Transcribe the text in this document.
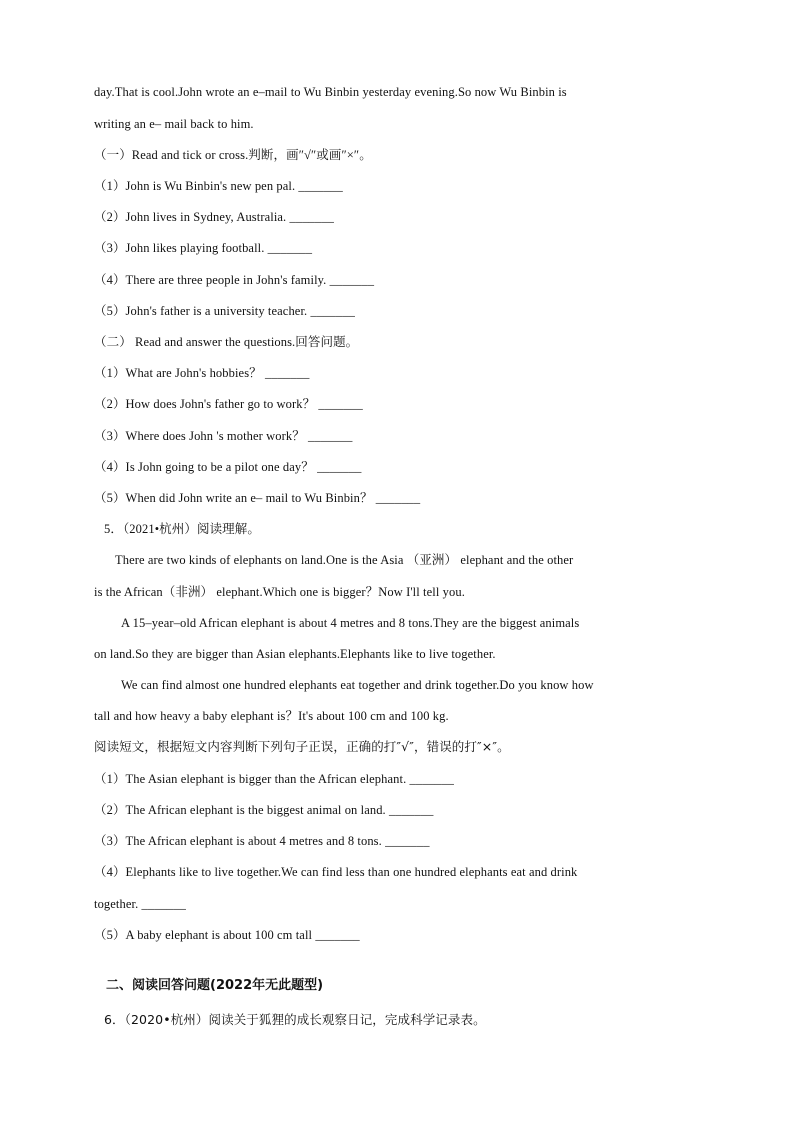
day.That is cool.John wrote an e–mail to Wu Binbin yesterday evening.So now Wu Binbin is
writing an e– mail back to him.
（一）Read and tick or cross.判断，画″√″或画″×″。
（1）John is Wu Binbin's new pen pal. _______
（2）John lives in Sydney, Australia. _______
（3）John likes playing football. _______
（4）There are three people in John's family. _______
（5）John's father is a university teacher. _______
（二） Read and answer the questions.回答问题。
（1）What are John's hobbies？ _______
（2）How does John's father go to work？ _______
（3）Where does John 's mother work？ _______
（4）Is John going to be a pilot one day？ _______
（5）When did John write an e– mail to Wu Binbin？ _______
5．（2021•杭州）阅读理解。
There are two kinds of elephants on land.One is the Asia （亚洲） elephant and the other
is the African（非洲） elephant.Which one is bigger？Now I'll tell you.
A 15–year–old African elephant is about 4 metres and 8 tons.They are the biggest animals
on land.So they are bigger than Asian elephants.Elephants like to live together.
We can find almost one hundred elephants eat together and drink together.Do you know how
tall and how heavy a baby elephant is？It's about 100 cm and 100 kg.
阅读短文，根据短文内容判断下列句子正误，正确的打″√″，错误的打″×″。
（1）The Asian elephant is bigger than the African elephant. _______
（2）The African elephant is the biggest animal on land. _______
（3）The African elephant is about 4 metres and 8 tons. _______
（4）Elephants like to live together.We can find less than one hundred elephants eat and drink
together. _______
（5）A baby elephant is about 100 cm tall _______
二、阅读回答问题(2022年无此题型)
6．（2020•杭州）阅读关于狐狸的成长观察日记，完成科学记录表。
